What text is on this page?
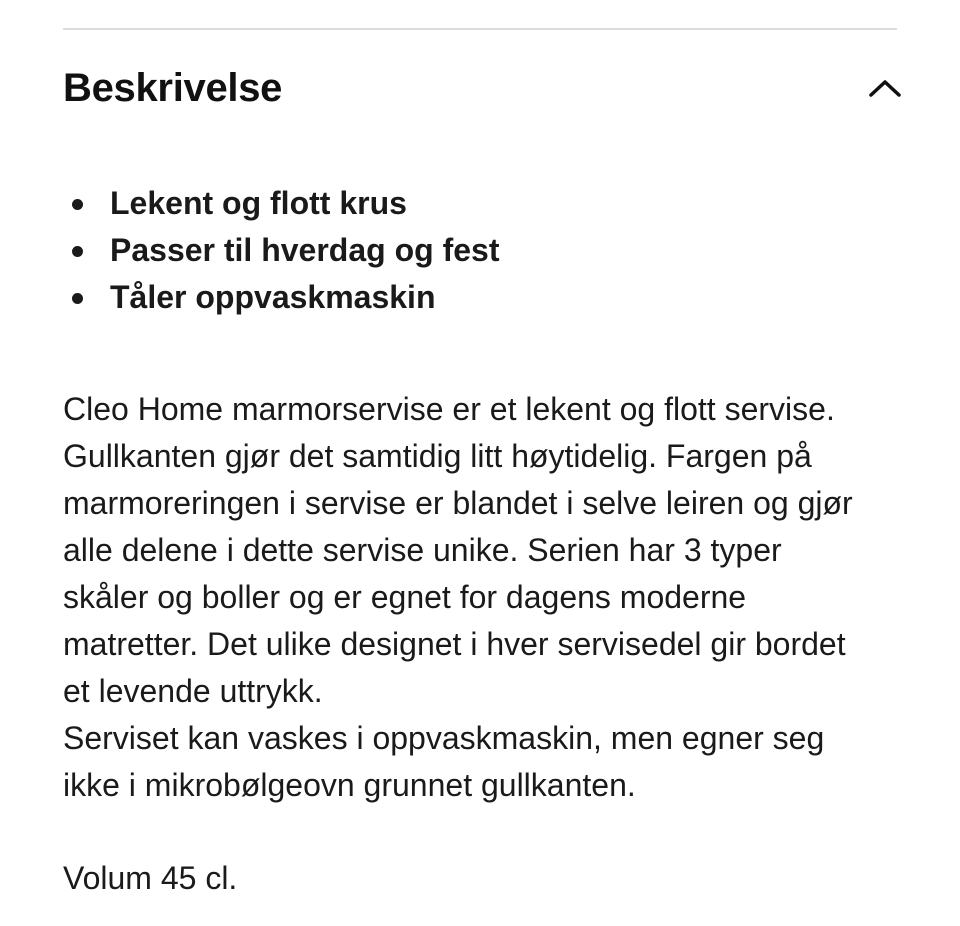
Beskrivelse
Lekent og flott krus
Passer til hverdag og fest
Tåler oppvaskmaskin

Cleo Home marmorservise er et lekent og flott servise.

Gullkanten gjør det samtidig litt høytidelig. Fargen på

marmoreringen i servise er blandet i selve leiren og gjør

alle delene i dette servise unike. Serien har 3 typer

skåler og boller og er egnet for dagens moderne

matretter. Det ulike designet i hver servisedel gir bordet

et levende uttrykk.

Serviset kan vaskes i oppvaskmaskin, men egner seg

ikke i mikrobølgeovn grunnet gullkanten.

Volum 45 cl.
